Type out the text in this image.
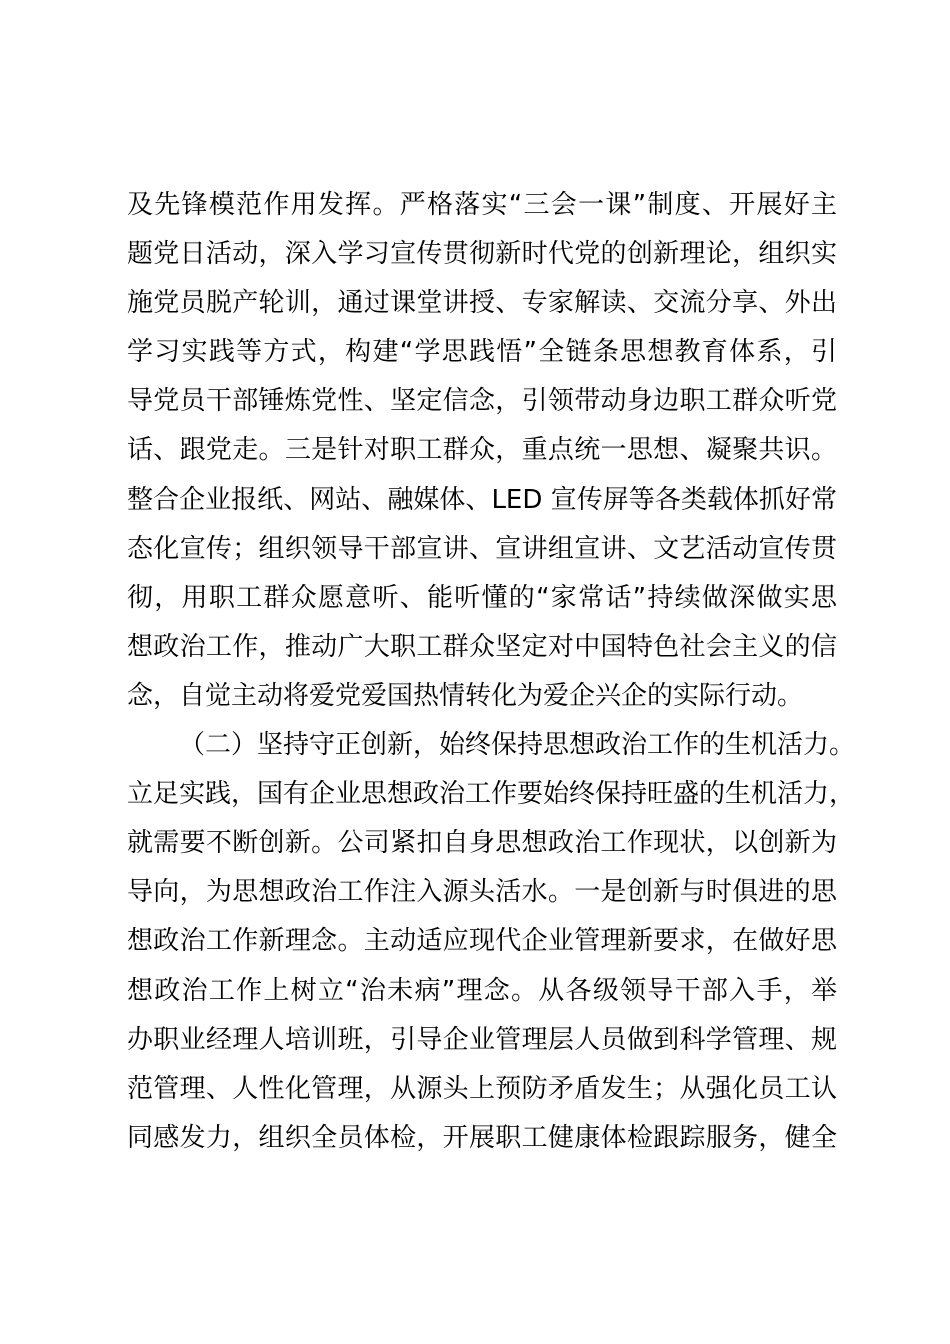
及先锋模范作用发挥。严格落实“三会一课”制度、开展好主
题党日活动，深入学习宣传贯彻新时代党的创新理论，组织实
施党员脱产轮训，通过课堂讲授、专家解读、交流分享、外出
学习实践等方式，构建“学思践悟”全链条思想教育体系，引
导党员干部锤炼党性、坚定信念，引领带动身边职工群众听党
话、跟党走。三是针对职工群众，重点统一思想、凝聚共识。
整合企业报纸、网站、融媒体、LED 宣传屏等各类载体抓好常
态化宣传；组织领导干部宣讲、宣讲组宣讲、文艺活动宣传贯
彻，用职工群众愿意听、能听懂的“家常话”持续做深做实思
想政治工作，推动广大职工群众坚定对中国特色社会主义的信
念，自觉主动将爱党爱国热情转化为爱企兴企的实际行动。
（二）坚持守正创新，始终保持思想政治工作的生机活力。
立足实践，国有企业思想政治工作要始终保持旺盛的生机活力，
就需要不断创新。公司紧扣自身思想政治工作现状，以创新为
导向，为思想政治工作注入源头活水。一是创新与时俱进的思
想政治工作新理念。主动适应现代企业管理新要求，在做好思
想政治工作上树立“治未病”理念。从各级领导干部入手，举
办职业经理人培训班，引导企业管理层人员做到科学管理、规
范管理、人性化管理，从源头上预防矛盾发生；从强化员工认
同感发力，组织全员体检，开展职工健康体检跟踪服务，健全
